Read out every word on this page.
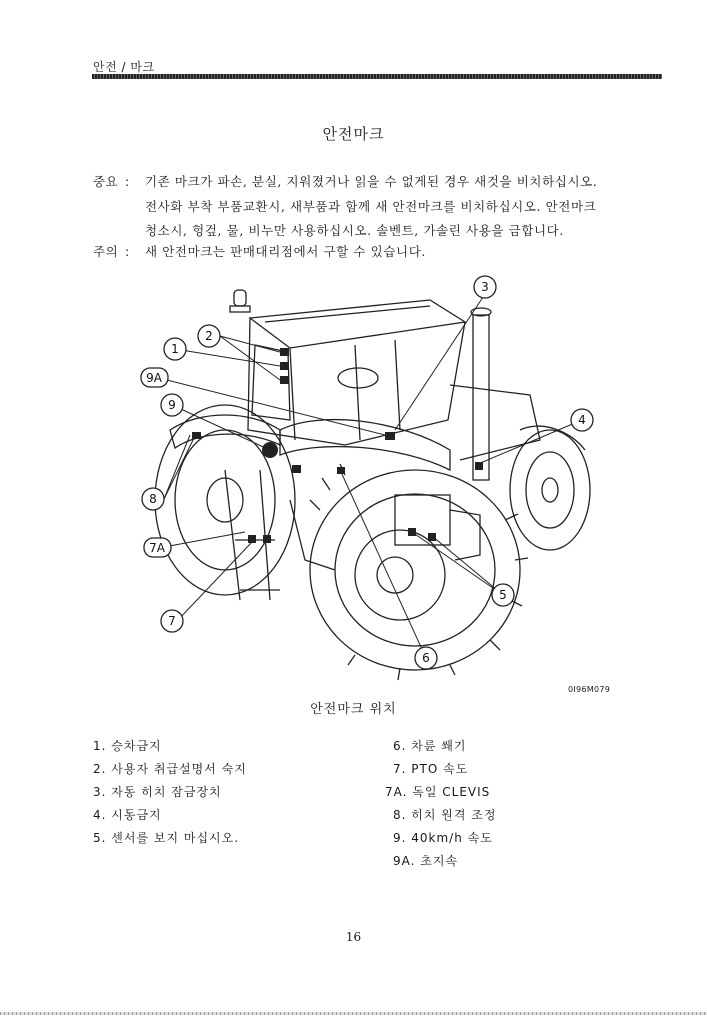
안전 / 마크
안전마크
중요 : 기존 마크가 파손, 분실, 지워졌거나 읽을 수 없게된 경우 새것을 비치하십시오.
전사화 부착 부품교환시, 새부품과 함께 새 안전마크를 비치하십시오. 안전마크
청소시, 헝겊, 물, 비누만 사용하십시오. 솔벤트, 가솔린 사용을 금합니다.
주의 : 새 안전마크는 판매대리점에서 구할 수 있습니다.
1
2
3
4
5
6
7
7A
8
9
9A
0I96M079
안전마크 위치
1. 승차금지
2. 사용자 취급설명서 숙지
3. 자동 히치 잠금장치
4. 시동금지
5. 센서를 보지 마십시오.
6. 차륜 쐐기
7. PTO 속도
7A. 독일 CLEVIS
8. 히치 원격 조정
9. 40km/h 속도
9A. 초지속
16
